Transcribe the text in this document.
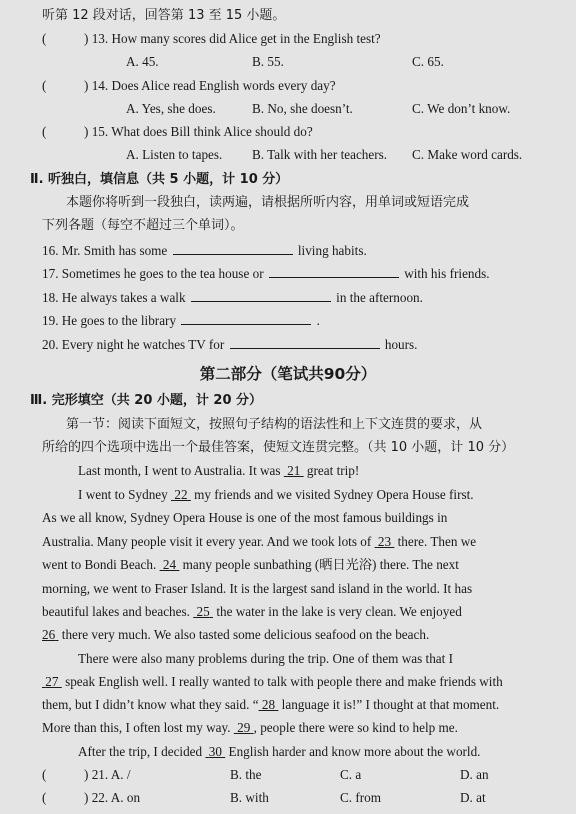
听第 12 段对话，回答第 13 至 15 小题。
(	) 13. How many scores did Alice get in the English test?
A. 45.	B. 55.	C. 65.
(	) 14. Does Alice read English words every day?
A. Yes, she does.	B. No, she doesn’t.	C. We don’t know.
(	) 15. What does Bill think Alice should do?
A. Listen to tapes. B. Talk with her teachers. C. Make word cards.
Ⅱ. 听独白，填信息（共 5 小题，计 10 分）
本题你将听到一段独白，读两遍，请根据所听内容，用单词或短语完成
下列各题（每空不超过三个单词）。
16. Mr. Smith has some	living habits.
17. Sometimes he goes to the tea house or	with his friends.
18. He always takes a walk	in the afternoon.
19. He goes to the library	.
20. Every night he watches TV for	hours.
第二部分（笔试共90分）
Ⅲ. 完形填空（共 20 小题，计 20 分）
第一节：阅读下面短文，按照句子结构的语法性和上下文连贯的要求，从
所给的四个选项中选出一个最佳答案，使短文连贯完整。（共 10 小题，计 10 分）
Last month, I went to Australia. It was 21 great trip!
I went to Sydney 22 my friends and we visited Sydney Opera House first.
As we all know, Sydney Opera House is one of the most famous buildings in
Australia. Many people visit it every year. And we took lots of 23 there. Then we
went to Bondi Beach. 24 many people sunbathing (晒日光浴) there. The next
morning, we went to Fraser Island. It is the largest sand island in the world. It has
beautiful lakes and beaches. 25 the water in the lake is very clean. We enjoyed
26 there very much. We also tasted some delicious seafood on the beach.
There were also many problems during the trip. One of them was that I
27 speak English well. I really wanted to talk with people there and make friends with
them, but I didn’t know what they said. “ 28 language it is!” I thought at that moment.
More than this, I often lost my way. 29 , people there were so kind to help me.
After the trip, I decided 30 English harder and know more about the world.
(	) 21. A. /	B. the	C. a	D. an
(	) 22. A. on	B. with	C. from	D. at
